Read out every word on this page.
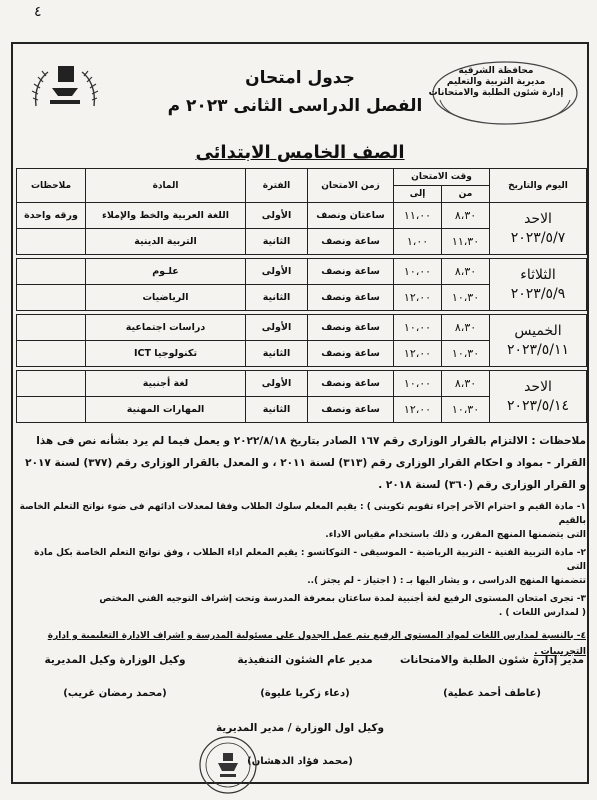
٤
محافظة الشرقية
مديرية التربية والتعليم
إدارة شئون الطلبة والامتحانات
جدول امتحان
الفصل الدراسى الثانى ٢٠٢٣ م
الصف الخامس الابتدائى
اليوم والتاريخ	وقت الامتحان		زمن الامتحان	الفترة	المادة	ملاحظات
	من	إلى				

الاحد
٢٠٢٣/٥/٧	٨،٣٠	١١،٠٠	ساعتان ونصف	الأولى	اللغة العربية والخط والإملاء	ورقه واحدة
	١١،٣٠	١،٠٠	ساعة ونصف	الثانية	التربية الدينية	

الثلاثاء
٢٠٢٣/٥/٩	٨،٣٠	١٠،٠٠	ساعة ونصف	الأولى	علـوم	
	١٠،٣٠	١٢،٠٠	ساعة ونصف	الثانية	الرياضيات	

الخميس
٢٠٢٣/٥/١١	٨،٣٠	١٠،٠٠	ساعة ونصف	الأولى	دراسات اجتماعية	
	١٠،٣٠	١٢،٠٠	ساعة ونصف	الثانية	تكنولوجيا ICT	

الاحد
٢٠٢٣/٥/١٤	٨،٣٠	١٠،٠٠	ساعة ونصف	الأولى	لغة أجنبية	
	١٠،٣٠	١٢،٠٠	ساعة ونصف	الثانية	المهارات المهنية	

ملاحظات : الالتزام بالقرار الوزارى رقم ١٦٧ الصادر بتاريخ ٢٠٢٢/٨/١٨ و يعمل فيما لم يرد بشأنه نص فى هذا

القرار - بمواد و احكام القرار الوزارى رقم (٣١٣) لسنة ٢٠١١ ، و المعدل بالقرار الوزارى رقم (٣٧٧) لسنة ٢٠١٧

و القرار الوزارى رقم (٣٦٠) لسنة ٢٠١٨ .

١- مادة القيم و احترام الآخر إجراء تقويم تكوينى ) : يقيم المعلم سلوك الطلاب وفقا لمعدلات ادائهم فى ضوء نواتج التعلم الخاصة بالقيم

التى يتضمنها المنهج المقرر، و ذلك باستخدام مقياس الاداء.

٢- مادة التربية الفنية - التربية الرياضية - الموسيقى - التوكاتسو : يقيم المعلم اداء الطلاب ، وفق نواتج التعلم الخاصة بكل مادة التى

تتضمنها المنهج الدراسى ، و يشار اليها بـ : ( اجتياز - لم يجتز )..

٣- تجرى امتحان المستوى الرفيع لغة أجنبية لمدة ساعتان بمعرفة المدرسة وتحت إشراف التوجيه الفني المختص

( لمدارس اللغات ) .

٤- بالنسبة لمدارس اللغات لمواد المستوى الرفيع يتم عمل الجدول على مسئولية المدرسة و اشراف الادارة التعليمية و ادارة التجريبيات .

مدير إدارة شئون الطلبة والامتحانات
(عاطف أحمد عطية)
مدير عام الشئون التنفيذية
(دعاء زكريا عليوة)
وكيل الوزارة وكيل المديرية
(محمد رمضان غريب)
وكيل اول الوزارة / مدير المديرية
(محمد فؤاد الدهشان)
